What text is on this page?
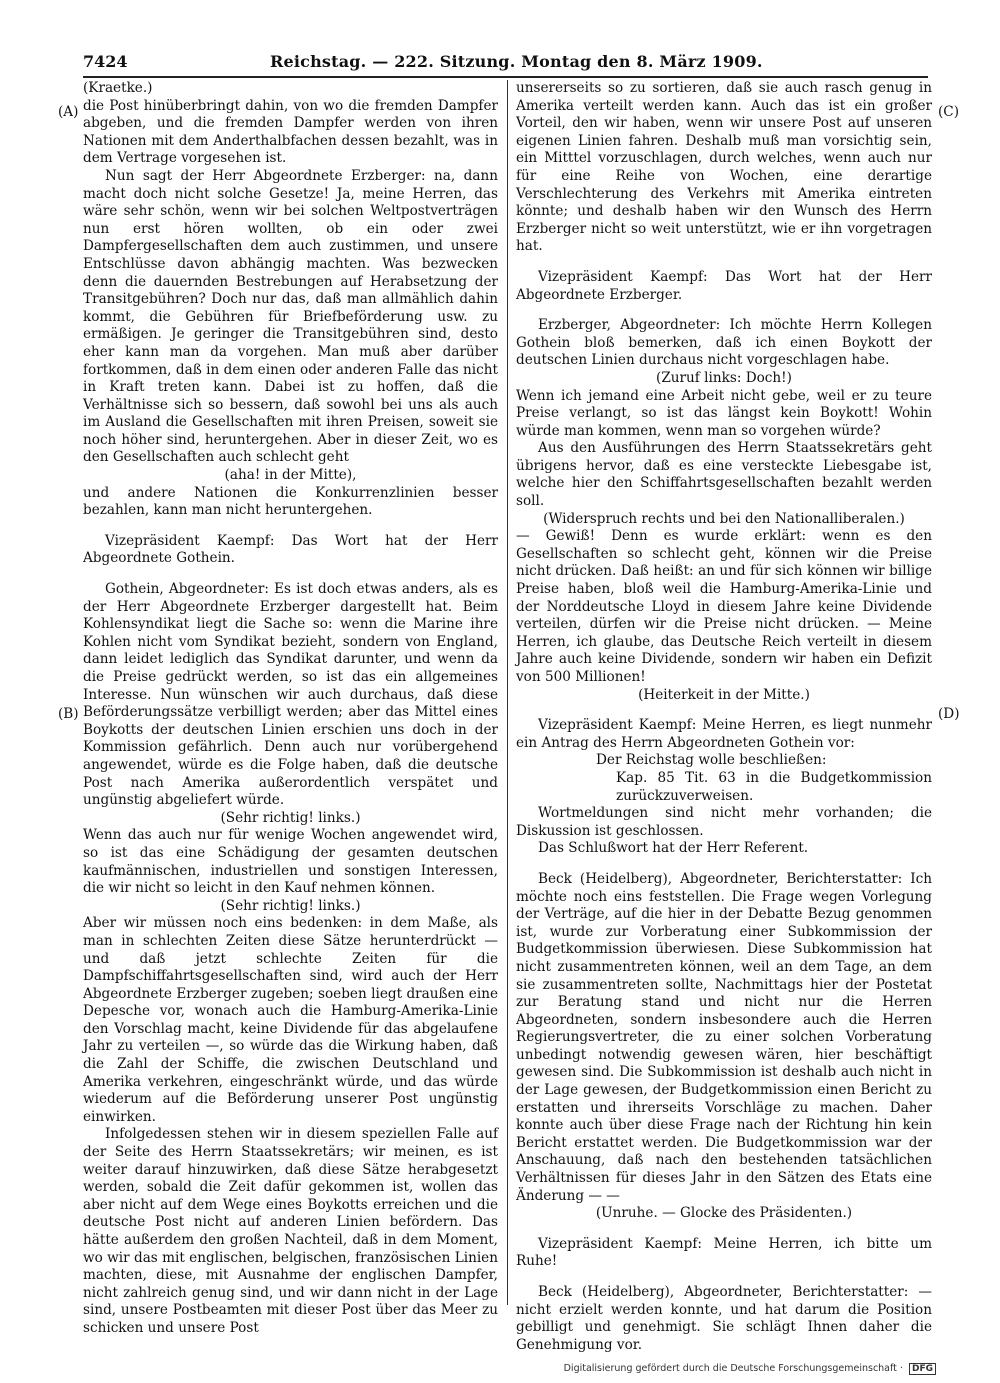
7424	Reichstag. — 222. Sitzung. Montag den 8. März 1909.
(A)
(B)
(C)
(D)

(Kraetke.)

die Post hinüberbringt dahin, von wo die fremden Dampfer abgeben, und die fremden Dampfer werden von ihren Nationen mit dem Anderthalbfachen dessen bezahlt, was in dem Vertrage vorgesehen ist.

Nun sagt der Herr Abgeordnete Erzberger: na, dann macht doch nicht solche Gesetze! Ja, meine Herren, das wäre sehr schön, wenn wir bei solchen Weltpostverträgen nun erst hören wollten, ob ein oder zwei Dampfergesellschaften dem auch zustimmen, und unsere Entschlüsse davon abhängig machten. Was bezwecken denn die dauernden Bestrebungen auf Herabsetzung der Transitgebühren? Doch nur das, daß man allmählich dahin kommt, die Gebühren für Briefbeförderung usw. zu ermäßigen. Je geringer die Transitgebühren sind, desto eher kann man da vorgehen. Man muß aber darüber fortkommen, daß in dem einen oder anderen Falle das nicht in Kraft treten kann. Dabei ist zu hoffen, daß die Verhältnisse sich so bessern, daß sowohl bei uns als auch im Ausland die Gesellschaften mit ihren Preisen, soweit sie noch höher sind, heruntergehen. Aber in dieser Zeit, wo es den Gesellschaften auch schlecht geht

(aha! in der Mitte),

und andere Nationen die Konkurrenzlinien besser bezahlen, kann man nicht heruntergehen.

Vizepräsident Kaempf: Das Wort hat der Herr Abgeordnete Gothein.

Gothein, Abgeordneter: Es ist doch etwas anders, als es der Herr Abgeordnete Erzberger dargestellt hat. Beim Kohlensyndikat liegt die Sache so: wenn die Marine ihre Kohlen nicht vom Syndikat bezieht, sondern von England, dann leidet lediglich das Syndikat darunter, und wenn da die Preise gedrückt werden, so ist das ein allgemeines Interesse. Nun wünschen wir auch durchaus, daß diese Beförderungssätze verbilligt werden; aber das Mittel eines Boykotts der deutschen Linien erschien uns doch in der Kommission gefährlich. Denn auch nur vorübergehend angewendet, würde es die Folge haben, daß die deutsche Post nach Amerika außerordentlich verspätet und ungünstig abgeliefert würde.

(Sehr richtig! links.)

Wenn das auch nur für wenige Wochen angewendet wird, so ist das eine Schädigung der gesamten deutschen kaufmännischen, industriellen und sonstigen Interessen, die wir nicht so leicht in den Kauf nehmen können.

(Sehr richtig! links.)

Aber wir müssen noch eins bedenken: in dem Maße, als man in schlechten Zeiten diese Sätze herunterdrückt — und daß jetzt schlechte Zeiten für die Dampfschiffahrtsgesellschaften sind, wird auch der Herr Abgeordnete Erzberger zugeben; soeben liegt draußen eine Depesche vor, wonach auch die Hamburg-Amerika-Linie den Vorschlag macht, keine Dividende für das abgelaufene Jahr zu verteilen —, so würde das die Wirkung haben, daß die Zahl der Schiffe, die zwischen Deutschland und Amerika verkehren, eingeschränkt würde, und das würde wiederum auf die Beförderung unserer Post ungünstig einwirken.

Infolgedessen stehen wir in diesem speziellen Falle auf der Seite des Herrn Staatssekretärs; wir meinen, es ist weiter darauf hinzuwirken, daß diese Sätze herabgesetzt werden, sobald die Zeit dafür gekommen ist, wollen das aber nicht auf dem Wege eines Boykotts erreichen und die deutsche Post nicht auf anderen Linien befördern. Das hätte außerdem den großen Nachteil, daß in dem Moment, wo wir das mit englischen, belgischen, französischen Linien machten, diese, mit Ausnahme der englischen Dampfer, nicht zahlreich genug sind, und wir dann nicht in der Lage sind, unsere Postbeamten mit dieser Post über das Meer zu schicken und unsere Post

unsererseits so zu sortieren, daß sie auch rasch genug in Amerika verteilt werden kann. Auch das ist ein großer Vorteil, den wir haben, wenn wir unsere Post auf unseren eigenen Linien fahren. Deshalb muß man vorsichtig sein, ein Mitttel vorzuschlagen, durch welches, wenn auch nur für eine Reihe von Wochen, eine derartige Verschlechterung des Verkehrs mit Amerika eintreten könnte; und deshalb haben wir den Wunsch des Herrn Erzberger nicht so weit unterstützt, wie er ihn vorgetragen hat.

Vizepräsident Kaempf: Das Wort hat der Herr Abgeordnete Erzberger.

Erzberger, Abgeordneter: Ich möchte Herrn Kollegen Gothein bloß bemerken, daß ich einen Boykott der deutschen Linien durchaus nicht vorgeschlagen habe.

(Zuruf links: Doch!)

Wenn ich jemand eine Arbeit nicht gebe, weil er zu teure Preise verlangt, so ist das längst kein Boykott! Wohin würde man kommen, wenn man so vorgehen würde?

Aus den Ausführungen des Herrn Staatssekretärs geht übrigens hervor, daß es eine versteckte Liebesgabe ist, welche hier den Schiffahrtsgesellschaften bezahlt werden soll.

(Widerspruch rechts und bei den Nationalliberalen.)

— Gewiß! Denn es wurde erklärt: wenn es den Gesellschaften so schlecht geht, können wir die Preise nicht drücken. Daß heißt: an und für sich können wir billige Preise haben, bloß weil die Hamburg-Amerika-Linie und der Norddeutsche Lloyd in diesem Jahre keine Dividende verteilen, dürfen wir die Preise nicht drücken. — Meine Herren, ich glaube, das Deutsche Reich verteilt in diesem Jahre auch keine Dividende, sondern wir haben ein Defizit von 500 Millionen!

(Heiterkeit in der Mitte.)

Vizepräsident Kaempf: Meine Herren, es liegt nunmehr ein Antrag des Herrn Abgeordneten Gothein vor:

Der Reichstag wolle beschließen:

Kap. 85 Tit. 63 in die Budgetkommission zurückzuverweisen.

Wortmeldungen sind nicht mehr vorhanden; die Diskussion ist geschlossen.

Das Schlußwort hat der Herr Referent.

Beck (Heidelberg), Abgeordneter, Berichterstatter: Ich möchte noch eins feststellen. Die Frage wegen Vorlegung der Verträge, auf die hier in der Debatte Bezug genommen ist, wurde zur Vorberatung einer Subkommission der Budgetkommission überwiesen. Diese Subkommission hat nicht zusammentreten können, weil an dem Tage, an dem sie zusammentreten sollte, Nachmittags hier der Postetat zur Beratung stand und nicht nur die Herren Abgeordneten, sondern insbesondere auch die Herren Regierungsvertreter, die zu einer solchen Vorberatung unbedingt notwendig gewesen wären, hier beschäftigt gewesen sind. Die Subkommission ist deshalb auch nicht in der Lage gewesen, der Budgetkommission einen Bericht zu erstatten und ihrerseits Vorschläge zu machen. Daher konnte auch über diese Frage nach der Richtung hin kein Bericht erstattet werden. Die Budgetkommission war der Anschauung, daß nach den bestehenden tatsächlichen Verhältnissen für dieses Jahr in den Sätzen des Etats eine Änderung — —

(Unruhe. — Glocke des Präsidenten.)

Vizepräsident Kaempf: Meine Herren, ich bitte um Ruhe!

Beck (Heidelberg), Abgeordneter, Berichterstatter: — nicht erzielt werden konnte, und hat darum die Position gebilligt und genehmigt. Sie schlägt Ihnen daher die Genehmigung vor.

Digitalisierung gefördert durch die Deutsche Forschungsgemeinschaft · DFG
